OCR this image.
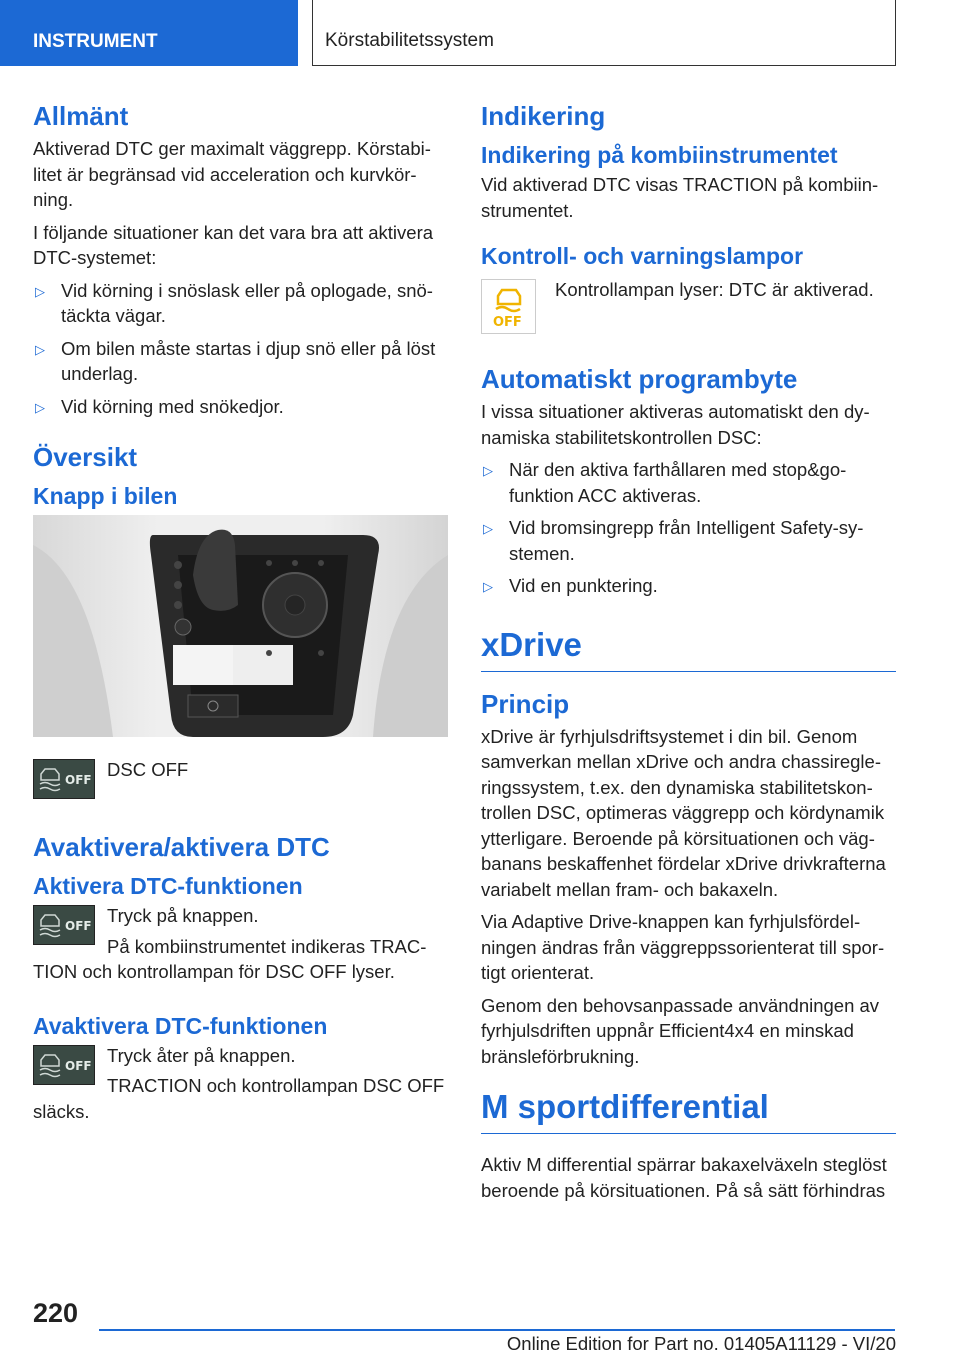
INSTRUMENT	Körstabilitetssystem
Allmänt

Aktiverad DTC ger maximalt väggrepp. Körstabilitet är begränsad vid acceleration och kurvkörning.

I följande situationer kan det vara bra att aktivera DTC-systemet:

▷ Vid körning i snöslask eller på oplogade, snötäckta vägar.
▷ Om bilen måste startas i djup snö eller på löst underlag.
▷ Vid körning med snökedjor.
Översikt
Knapp i bilen
OFF DSC OFF

Avaktivera/aktivera DTC
Aktivera DTC-funktionen
OFF Tryck på knappen.

På kombiinstrumentet indikeras TRACTION och kontrollampan för DSC OFF lyser.

Avaktivera DTC-funktionen
OFF Tryck åter på knappen.

TRACTION och kontrollampan DSC OFF släcks.

Indikering
Indikering på kombiinstrumentet

Vid aktiverad DTC visas TRACTION på kombiinstrumentet.

Kontroll- och varningslampor
OFF

Kontrollampan lyser: DTC är aktiverad.

Automatiskt programbyte

I vissa situationer aktiveras automatiskt den dynamiska stabilitetskontrollen DSC:

▷ När den aktiva farthållaren med stop&go-funktion ACC aktiveras.
▷ Vid bromsingrepp från Intelligent Safety-systemen.
▷ Vid en punktering.
xDrive
Princip

xDrive är fyrhjulsdriftsystemet i din bil. Genom samverkan mellan xDrive och andra chassiregleringssystem, t.ex. den dynamiska stabilitetskontrollen DSC, optimeras väggrepp och kördynamik ytterligare. Beroende på körsituationen och vägbanans beskaffenhet fördelar xDrive drivkrafterna variabelt mellan fram- och bakaxeln.

Via Adaptive Drive-knappen kan fyrhjulsfördelningen ändras från väggreppssorienterat till sportigt orienterat.

Genom den behovsanpassade användningen av fyrhjulsdriften uppnår Efficient4x4 en minskad bränsleförbrukning.

M sportdifferential

Aktiv M differential spärrar bakaxelväxeln steglöst beroende på körsituationen. På så sätt förhindras

220
Online Edition for Part no. 01405A11129 - VI/20
